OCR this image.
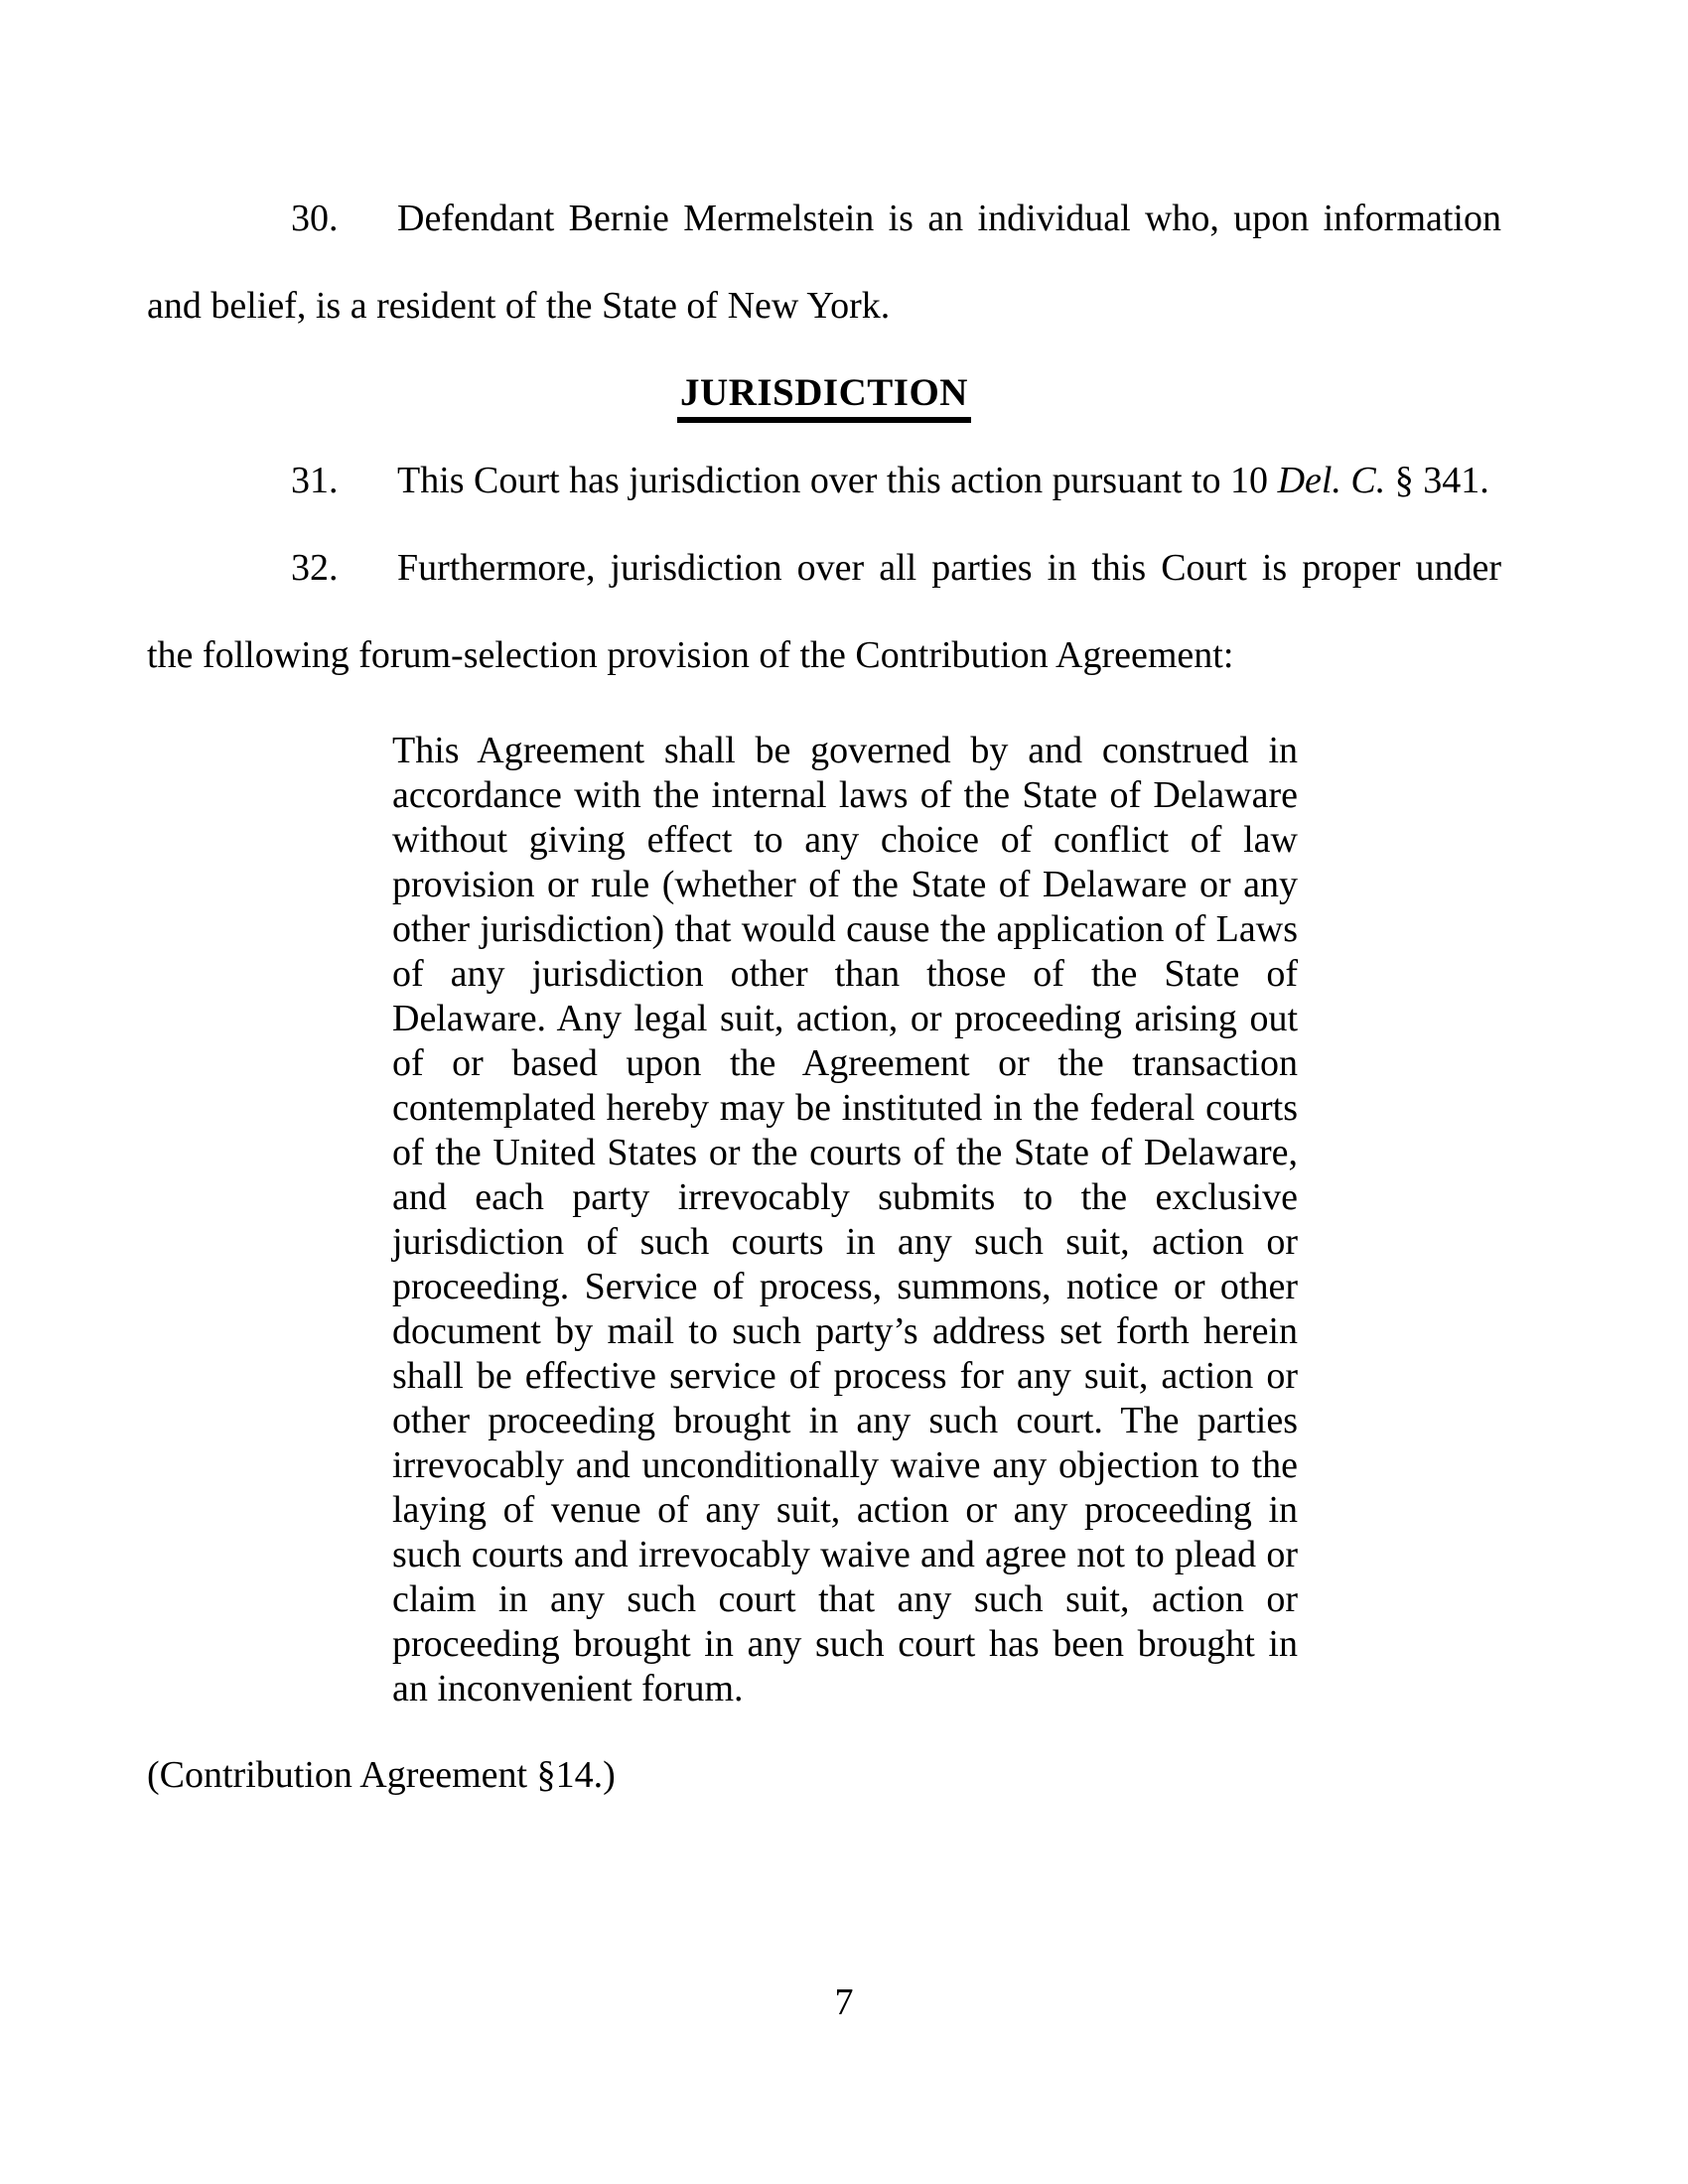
30. Defendant Bernie Mermelstein is an individual who, upon information and belief, is a resident of the State of New York.

JURISDICTION

31. This Court has jurisdiction over this action pursuant to 10 Del. C. § 341.

32. Furthermore, jurisdiction over all parties in this Court is proper under the following forum-selection provision of the Contribution Agreement:

This Agreement shall be governed by and construed in accordance with the internal laws of the State of Delaware without giving effect to any choice of conflict of law provision or rule (whether of the State of Delaware or any other jurisdiction) that would cause the application of Laws of any jurisdiction other than those of the State of Delaware. Any legal suit, action, or proceeding arising out of or based upon the Agreement or the transaction contemplated hereby may be instituted in the federal courts of the United States or the courts of the State of Delaware, and each party irrevocably submits to the exclusive jurisdiction of such courts in any such suit, action or proceeding. Service of process, summons, notice or other document by mail to such party’s address set forth herein shall be effective service of process for any suit, action or other proceeding brought in any such court. The parties irrevocably and unconditionally waive any objection to the laying of venue of any suit, action or any proceeding in such courts and irrevocably waive and agree not to plead or claim in any such court that any such suit, action or proceeding brought in any such court has been brought in an inconvenient forum.

(Contribution Agreement §14.)

7
